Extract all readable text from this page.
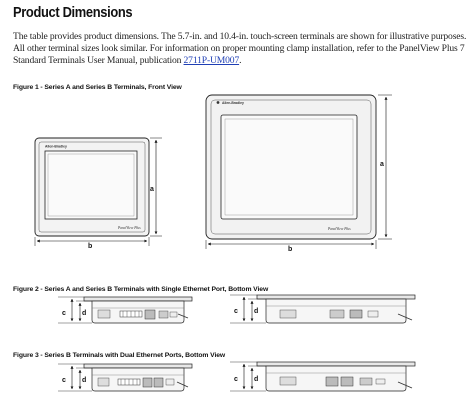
Product Dimensions

The table provides product dimensions. The 5.7-in. and 10.4-in. touch-screen terminals are shown for illustrative purposes. All other terminal sizes look similar. For information on proper mounting clamp installation, refer to the PanelView Plus 7 Standard Terminals User Manual, publication 2711P-UM007.

Figure 1 - Series A and Series B Terminals, Front View
Figure 2 - Series A and Series B Terminals with Single Ethernet Port, Bottom View
Figure 3 - Series B Terminals with Dual Ethernet Ports, Bottom View
Allen-Bradley
PanelView Plus
a
b
Allen-Bradley
PanelView Plus
a
b
c d	c d
c d	c d
